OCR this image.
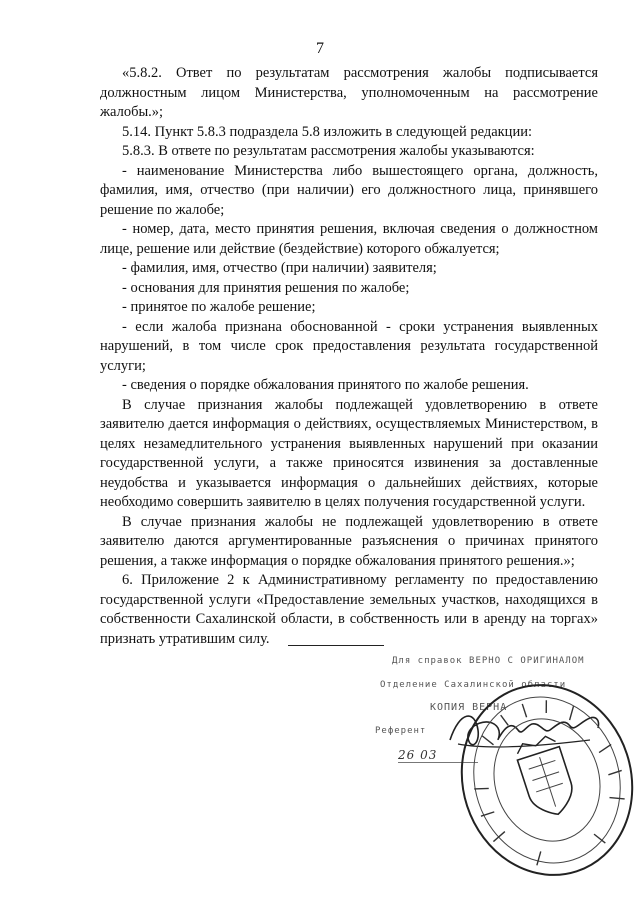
7

«5.8.2. Ответ по результатам рассмотрения жалобы подписывается должностным лицом Министерства, уполномоченным на рассмотрение жалобы.»;

5.14. Пункт 5.8.3 подраздела 5.8 изложить в следующей редакции:

5.8.3. В ответе по результатам рассмотрения жалобы указываются:

- наименование Министерства либо вышестоящего органа, должность, фамилия, имя, отчество (при наличии) его должностного лица, принявшего решение по жалобе;

- номер, дата, место принятия решения, включая сведения о должностном лице, решение или действие (бездействие) которого обжалуется;

- фамилия, имя, отчество (при наличии) заявителя;

- основания для принятия решения по жалобе;

- принятое по жалобе решение;

- если жалоба признана обоснованной - сроки устранения выявленных нарушений, в том числе срок предоставления результата государственной услуги;

- сведения о порядке обжалования принятого по жалобе решения.

В случае признания жалобы подлежащей удовлетворению в ответе заявителю дается информация о действиях, осуществляемых Министерством, в целях незамедлительного устранения выявленных нарушений при оказании государственной услуги, а также приносятся извинения за доставленные неудобства и указывается информация о дальнейших действиях, которые необходимо совершить заявителю в целях получения государственной услуги.

В случае признания жалобы не подлежащей удовлетворению в ответе заявителю даются аргументированные разъяснения о причинах принятого решения, а также информация о порядке обжалования принятого решения.»;

6. Приложение 2 к Административному регламенту по предоставлению государственной услуги «Предоставление земельных участков, находящихся в собственности Сахалинской области, в собственность или в аренду на торгах» признать утратившим силу.

Для справок ВЕРНО С ОРИГИНАЛОМ
Отделение Сахалинской области
КОПИЯ ВЕРНА
Референт
26 03
